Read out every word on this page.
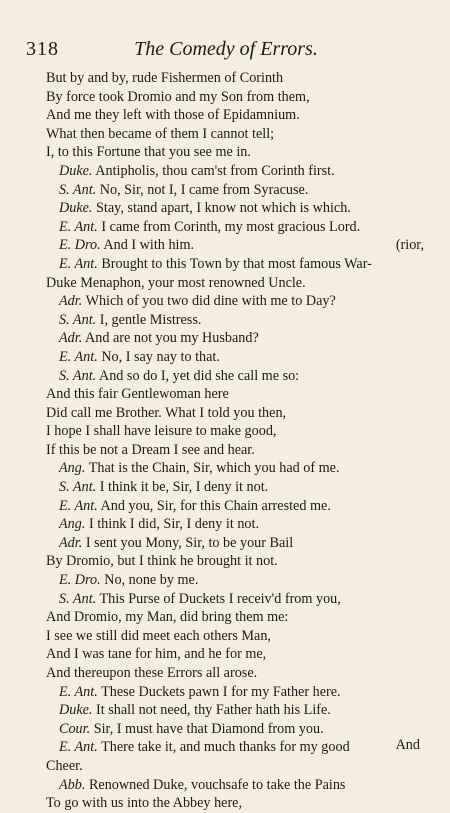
The Comedy of Errors.
318
But by and by, rude Fishermen of Corinth
By force took Dromio and my Son from them,
And me they left with those of Epidamnium.
What then became of them I cannot tell;
I, to this Fortune that you see me in.
Duke. Antipholis, thou cam'st from Corinth first.
S. Ant. No, Sir, not I, I came from Syracuse.
Duke. Stay, stand apart, I know not which is which.
E. Ant. I came from Corinth, my most gracious Lord.
E. Dro. And I with him.	(rior,
E. Ant. Brought to this Town by that most famous War-
Duke Menaphon, your most renowned Uncle.
Adr. Which of you two did dine with me to Day?
S. Ant. I, gentle Mistress.
Adr. And are not you my Husband?
E. Ant. No, I say nay to that.
S. Ant. And so do I, yet did she call me so:
And this fair Gentlewoman here
Did call me Brother. What I told you then,
I hope I shall have leisure to make good,
If this be not a Dream I see and hear.
Ang. That is the Chain, Sir, which you had of me.
S. Ant. I think it be, Sir, I deny it not.
E. Ant. And you, Sir, for this Chain arrested me.
Ang. I think I did, Sir, I deny it not.
Adr. I sent you Mony, Sir, to be your Bail
By Dromio, but I think he brought it not.
E. Dro. No, none by me.
S. Ant. This Purse of Duckets I receiv'd from you,
And Dromio, my Man, did bring them me:
I see we still did meet each others Man,
And I was tane for him, and he for me,
And thereupon these Errors all arose.
E. Ant. These Duckets pawn I for my Father here.
Duke. It shall not need, thy Father hath his Life.
Cour. Sir, I must have that Diamond from you.
E. Ant. There take it, and much thanks for my good
Cheer.
Abb. Renowned Duke, vouchsafe to take the Pains
To go with us into the Abbey here,
And
